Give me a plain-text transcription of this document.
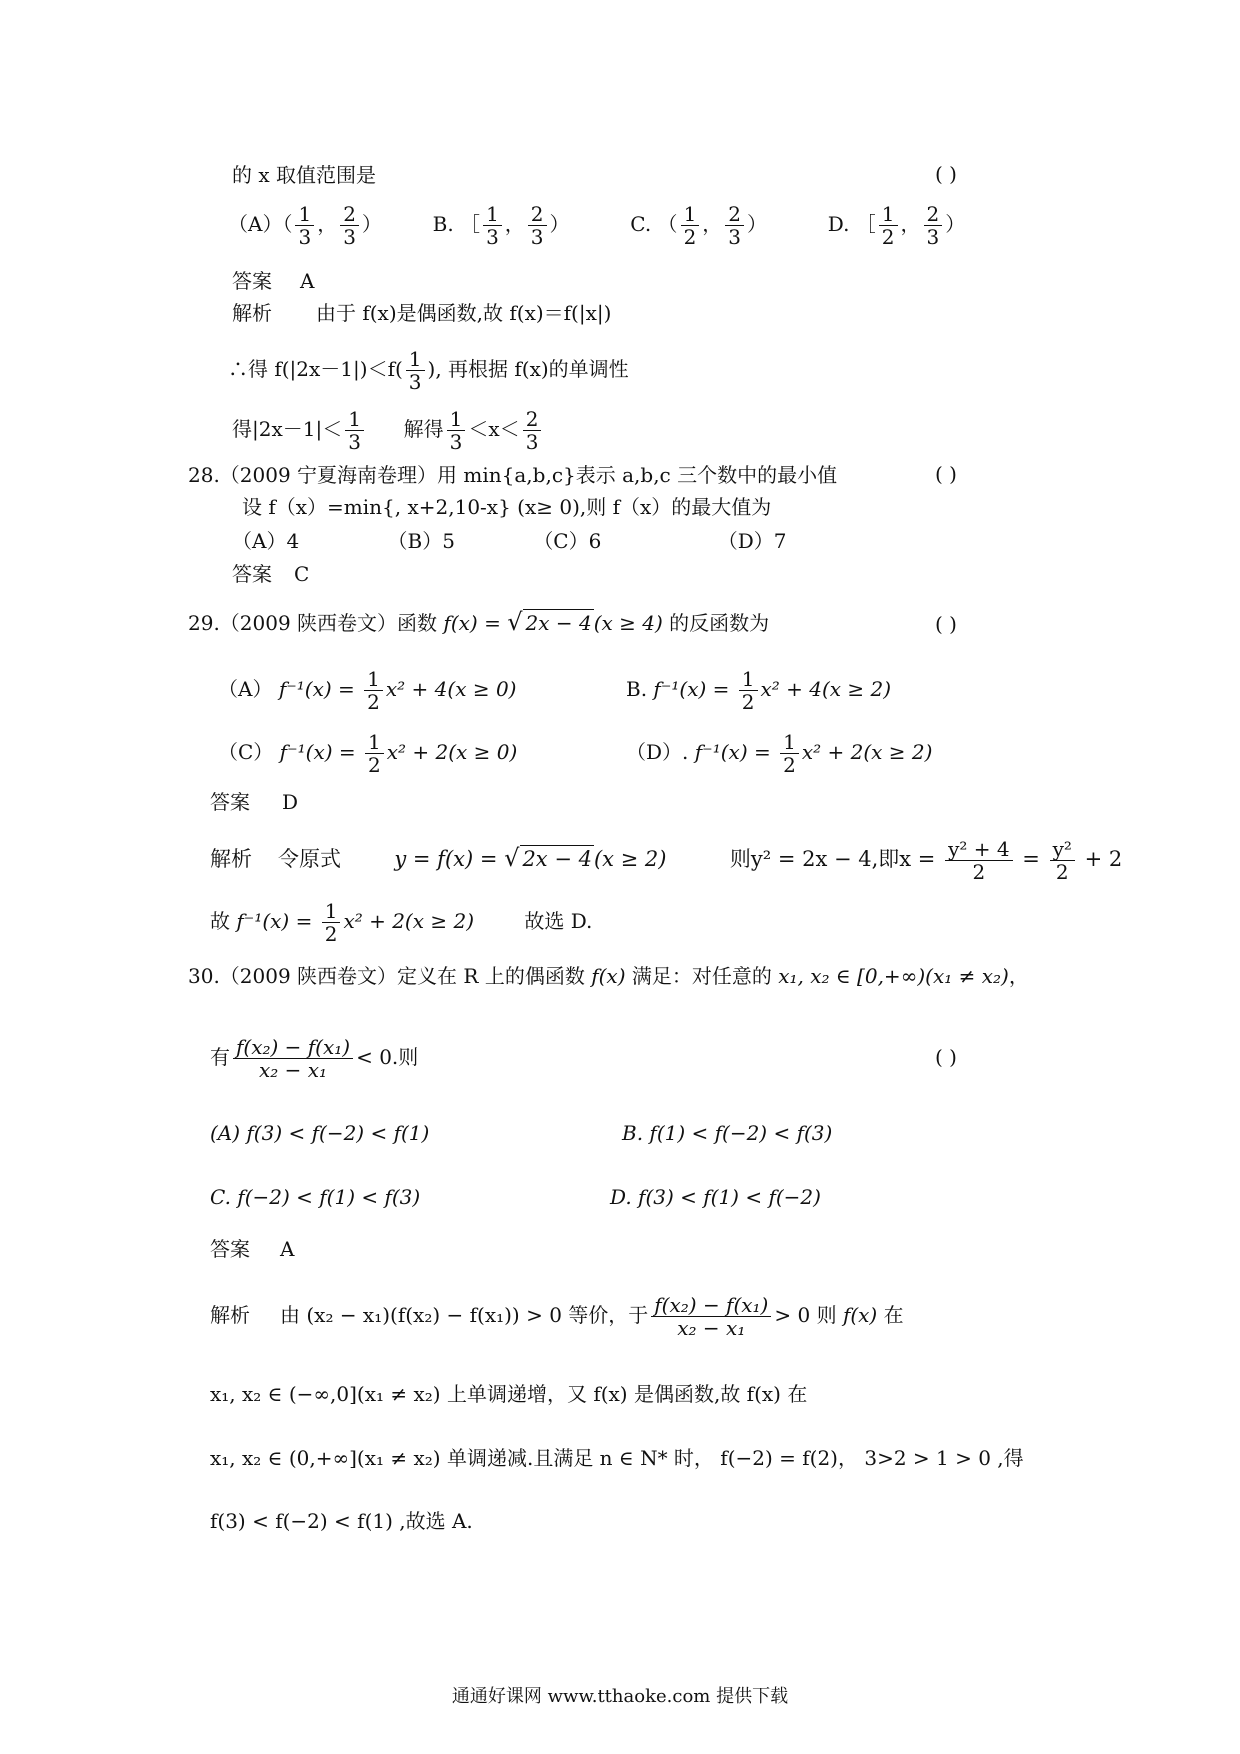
的 x 取值范围是	( )
$(A)( \frac{1}{3}$ ， $\frac{2}{3}$ ）	B. ［ $\frac{1}{3}$ ， $\frac{2}{3}$ ）	C. （ $\frac{1}{2}$ ， $\frac{2}{3}$ ）	D. ［ $\frac{1}{2}$ ， $\frac{2}{3}$ ）
答案 A
解析 由于 f(x)是偶函数,故 f(x)＝f(|x|)
∴得 $f(|2x-1|)<f( \frac{1}{3}$ ), 再根据 f(x)的单调性
得$|2x-1|< \frac{1}{3}$ 解得 $\frac{1}{3} <x< \frac{2}{3}$
28.（2009 宁夏海南卷理）用 min{a,b,c}表示 a,b,c 三个数中的最小值	( )
设 f（x）=min{, x+2,10-x} (x≥ 0),则 f（x）的最大值为
（A）4	（B）5	（C）6	（D）7
答案 C
29.（2009 陕西卷文）函数 f(x) = √ 2x − 4 (x ≥ 4) 的反函数为	( )
（A） $f^{-1}(x) = \frac{1}{2} x^2 + 4(x \ge 0)$	B. $f^{-1}(x) = \frac{1}{2} x^2 + 4(x \ge 2)$
（C） $f^{-1}(x) = \frac{1}{2} x^2 + 2(x \ge 0)$	（D）. $f^{-1}(x) = \frac{1}{2} x^2 + 2(x \ge 2)$
答案 D
解析 令原式	y = f(x) = √ 2x − 4(x ≥ 2)	则y² = 2x − 4,即$x = \frac{\text{y² + 4}}{2} = \frac{\text{y²}}{2} + 2$
故 $f^{-1}(x) = \frac{1}{2} x^2 + 2(x \ge 2)$	故选 D.
30.（2009 陕西卷文）定义在 R 上的偶函数 f(x) 满足：对任意的 x₁, x₂ ∈ [0,+∞)(x₁ ≠ x₂)，
有 $\frac{\text{f(x₂) − f(x₁)}}{\text{x₂ − x₁}} < 0$.则	( )
(A) f(3) < f(−2) < f(1)	B. f(1) < f(−2) < f(3)
C. f(−2) < f(1) < f(3)	D. f(3) < f(1) < f(−2)
答案 A
解析 由 (x₂ − x₁)(f(x₂) − f(x₁)) > 0 等价，于 $\frac{\text{f(x₂) − f(x₁)}}{\text{x₂ − x₁}} > 0$ 则 f(x) 在
x₁, x₂ ∈ (−∞,0](x₁ ≠ x₂) 上单调递增，又 f(x) 是偶函数,故 f(x) 在
x₁, x₂ ∈ (0,+∞](x₁ ≠ x₂) 单调递减.且满足 n ∈ N* 时， f(−2) = f(2)， 3>2 > 1 > 0 ,得
f(3) < f(−2) < f(1) ,故选 A.
通通好课网 www.tthaoke.com 提供下载
